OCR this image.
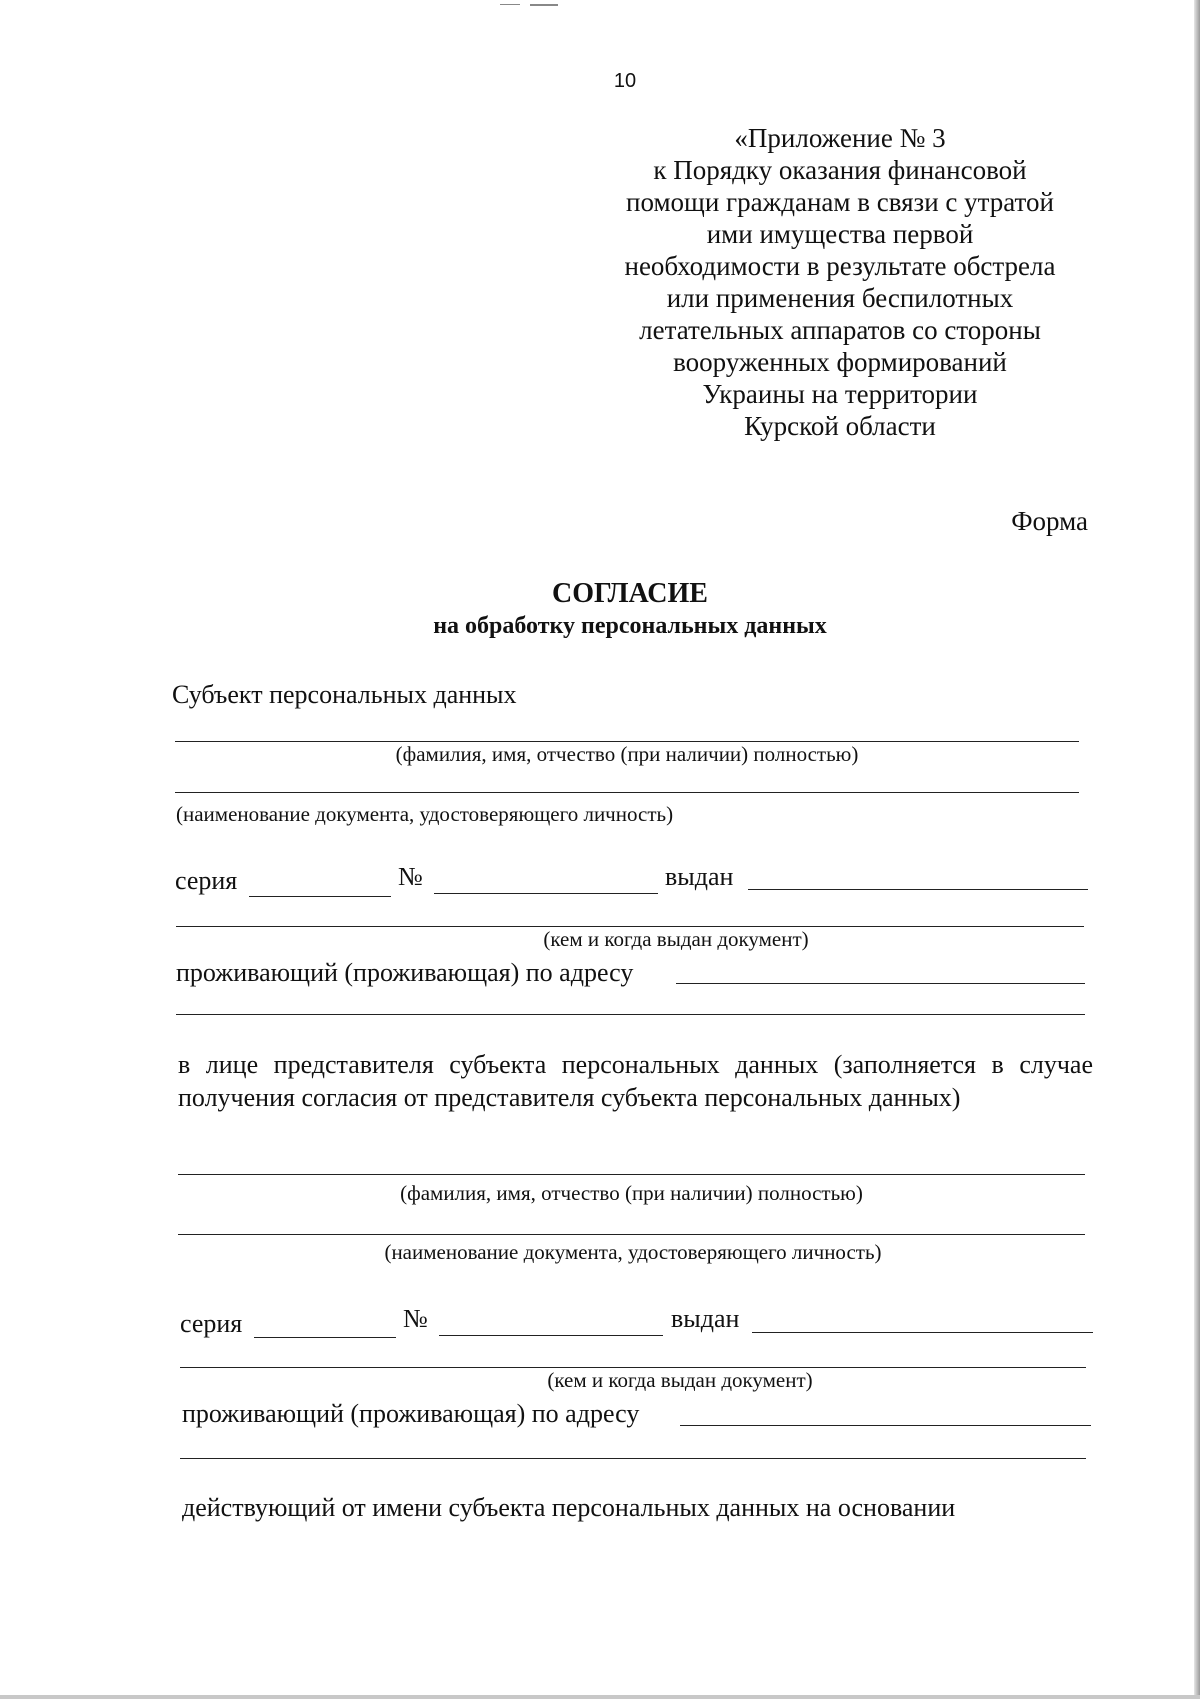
10
«Приложение № 3
к Порядку оказания финансовой
помощи гражданам в связи с утратой
ими имущества первой
необходимости в результате обстрела
или применения беспилотных
летательных аппаратов со стороны
вооруженных формирований
Украины на территории
Курской области
Форма
СОГЛАСИЕ
на обработку персональных данных
Субъект персональных данных
(фамилия, имя, отчество (при наличии) полностью)
(наименование документа, удостоверяющего личность)
серия	№	выдан
(кем и когда выдан документ)
проживающий (проживающая) по адресу
в лице представителя субъекта персональных данных (заполняется в случае получения согласия от представителя субъекта персональных данных)
(фамилия, имя, отчество (при наличии) полностью)
(наименование документа, удостоверяющего личность)
серия	№	выдан
(кем и когда выдан документ)
проживающий (проживающая) по адресу
действующий от имени субъекта персональных данных на основании
